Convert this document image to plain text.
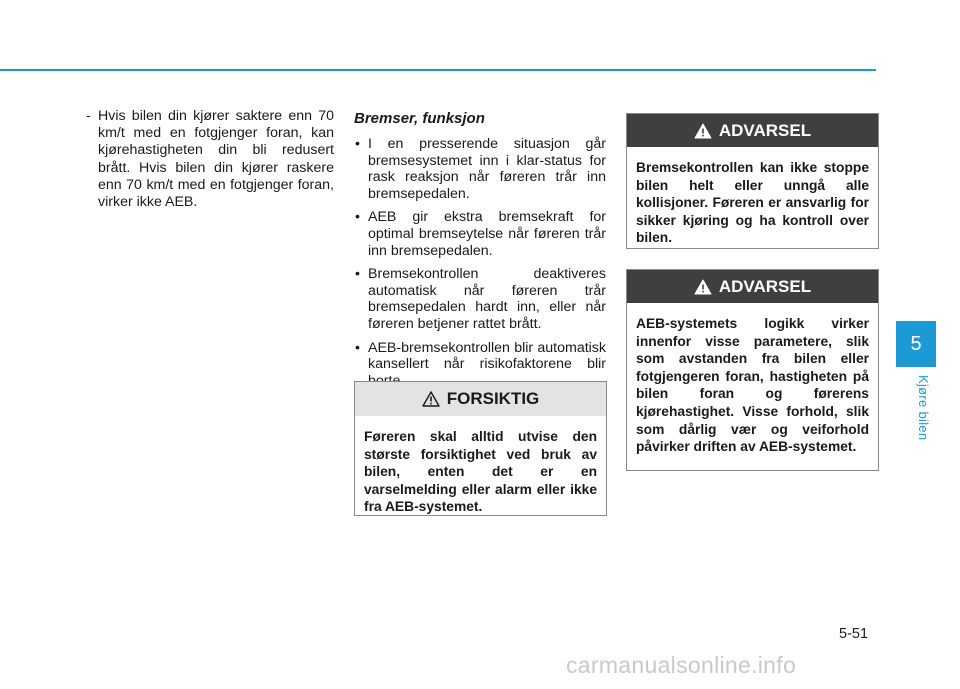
- Hvis bilen din kjører saktere enn 70 km/t med en fotgjenger foran, kan kjørehastigheten din bli redusert brått. Hvis bilen din kjører raskere enn 70 km/t med en fotgjenger foran, virker ikke AEB.
Bremser, funksjon
• I en presserende situasjon går bremsesystemet inn i klar-status for rask reaksjon når føreren trår inn bremsepedalen.
• AEB gir ekstra bremsekraft for optimal bremseytelse når føreren trår inn bremsepedalen.
• Bremsekontrollen deaktiveres automatisk når føreren trår bremsepedalen hardt inn, eller når føreren betjener rattet brått.
• AEB-bremsekontrollen blir automatisk kansellert når risikofaktorene blir
FORSIKTIG
Føreren skal alltid utvise den største forsiktighet ved bruk av bilen, enten det er en varselmelding eller alarm eller ikke fra AEB-systemet.
ADVARSEL
Bremsekontrollen kan ikke stoppe bilen helt eller unngå alle kollisjoner. Føreren er ansvarlig for sikker kjøring og ha kontroll over bilen.
ADVARSEL
AEB-systemets logikk virker innenfor visse parametere, slik som avstanden fra bilen eller fotgjengeren foran, hastigheten på bilen foran og førerens kjørehastighet. Visse forhold, slik som dårlig vær og veiforhold påvirker driften av AEB-systemet.
5
Kjøre bilen
5-51
carmanualsonline.info
